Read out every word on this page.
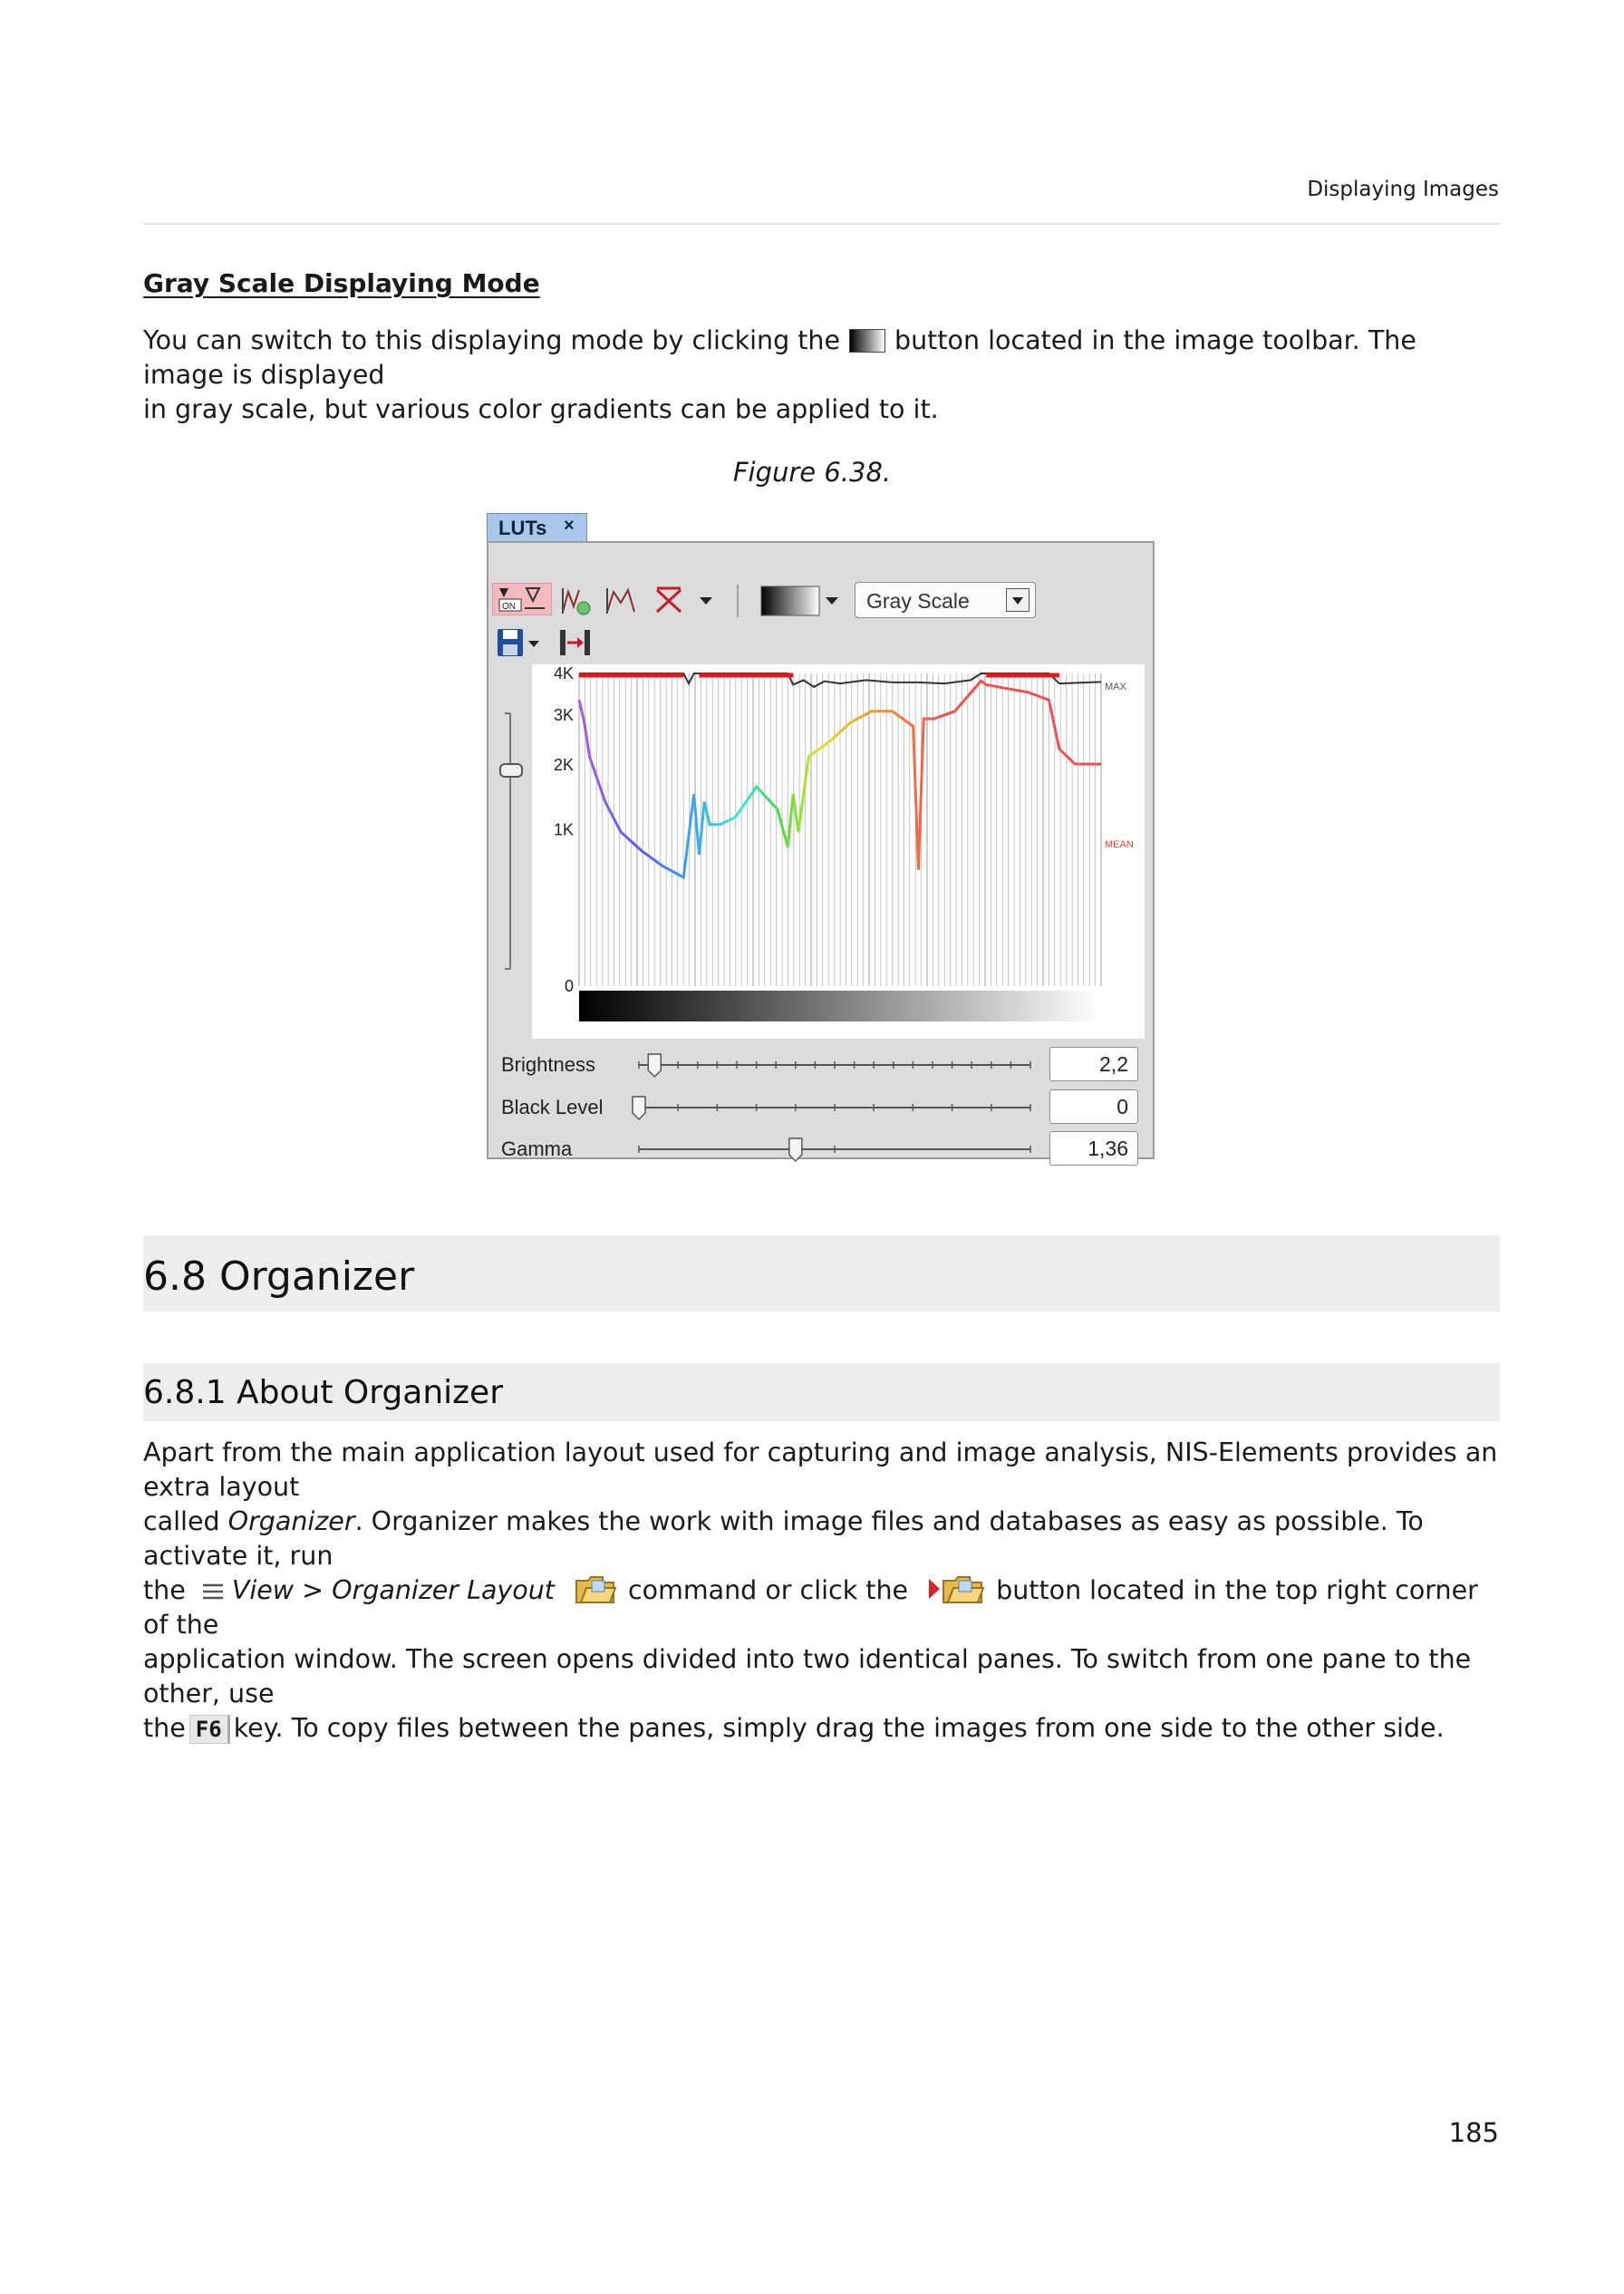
Displaying Images
Gray Scale Displaying Mode
You can switch to this displaying mode by clicking the button located in the image toolbar. The image is displayed
in gray scale, but various color gradients can be applied to it.
Figure 6.38.
LUTs ×
ON	Gray Scale
4K
3K
2K
1K
0
MAX
MEAN
Brightness	2,2
Black Level	0
Gamma	1,36
6.8 Organizer
6.8.1 About Organizer
Apart from the main application layout used for capturing and image analysis, NIS-Elements provides an extra layout
called Organizer. Organizer makes the work with image files and databases as easy as possible. To activate it, run
the View > Organizer Layout	command or click the	button located in the top right corner of the
application window. The screen opens divided into two identical panes. To switch from one pane to the other, use
the F6 key. To copy files between the panes, simply drag the images from one side to the other side.
185
